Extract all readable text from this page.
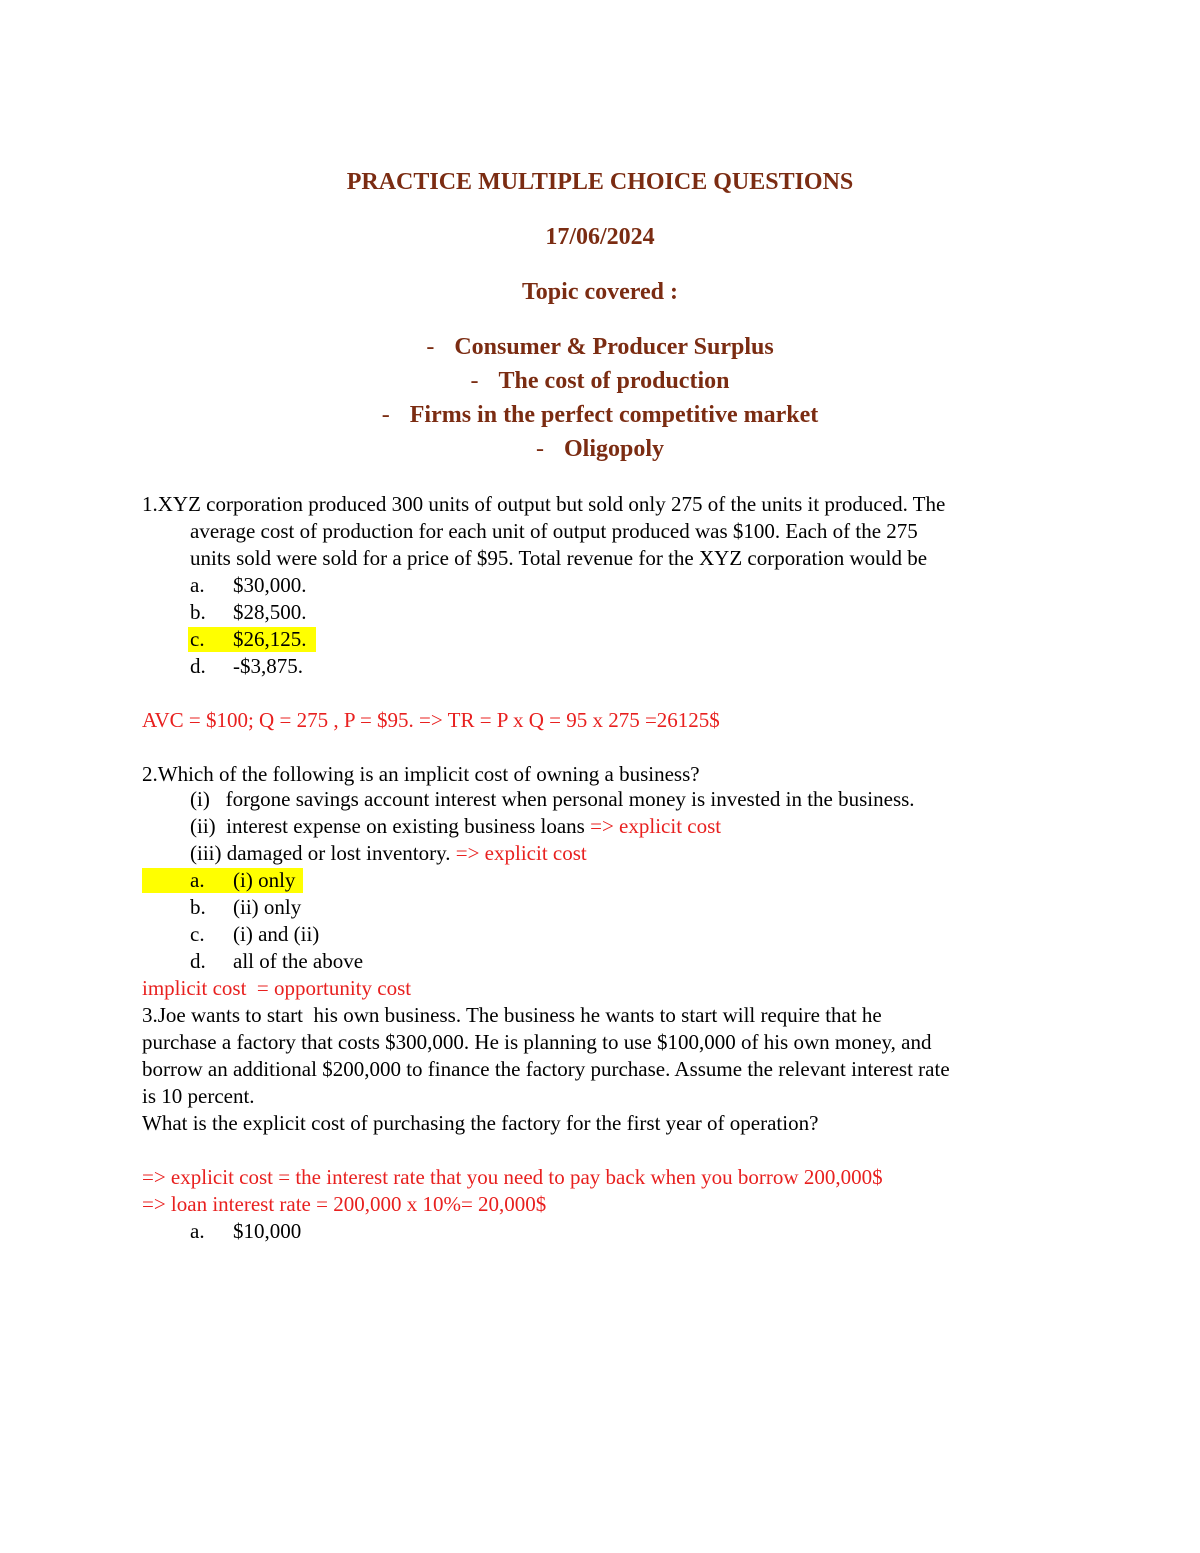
PRACTICE MULTIPLE CHOICE QUESTIONS
17/06/2024
Topic covered :
- Consumer & Producer Surplus
- The cost of production
- Firms in the perfect competitive market
- Oligopoly
1.XYZ corporation produced 300 units of output but sold only 275 of the units it produced. The
average cost of production for each unit of output produced was $100. Each of the 275
units sold were sold for a price of $95. Total revenue for the XYZ corporation would be
a. $30,000.
b. $28,500.
c. $26,125.
d. -$3,875.
AVC = $100; Q = 275 , P = $95. => TR = P x Q = 95 x 275 =26125$
2.Which of the following is an implicit cost of owning a business?
(i)   forgone savings account interest when personal money is invested in the business.
(ii)  interest expense on existing business loans => explicit cost
(iii) damaged or lost inventory. => explicit cost
a. (i) only
b. (ii) only
c. (i) and (ii)
d. all of the above
implicit cost  = opportunity cost
3.Joe wants to start  his own business. The business he wants to start will require that he
purchase a factory that costs $300,000. He is planning to use $100,000 of his own money, and
borrow an additional $200,000 to finance the factory purchase. Assume the relevant interest rate
is 10 percent.
What is the explicit cost of purchasing the factory for the first year of operation?
=> explicit cost = the interest rate that you need to pay back when you borrow 200,000$
=> loan interest rate = 200,000 x 10%= 20,000$
a. $10,000
